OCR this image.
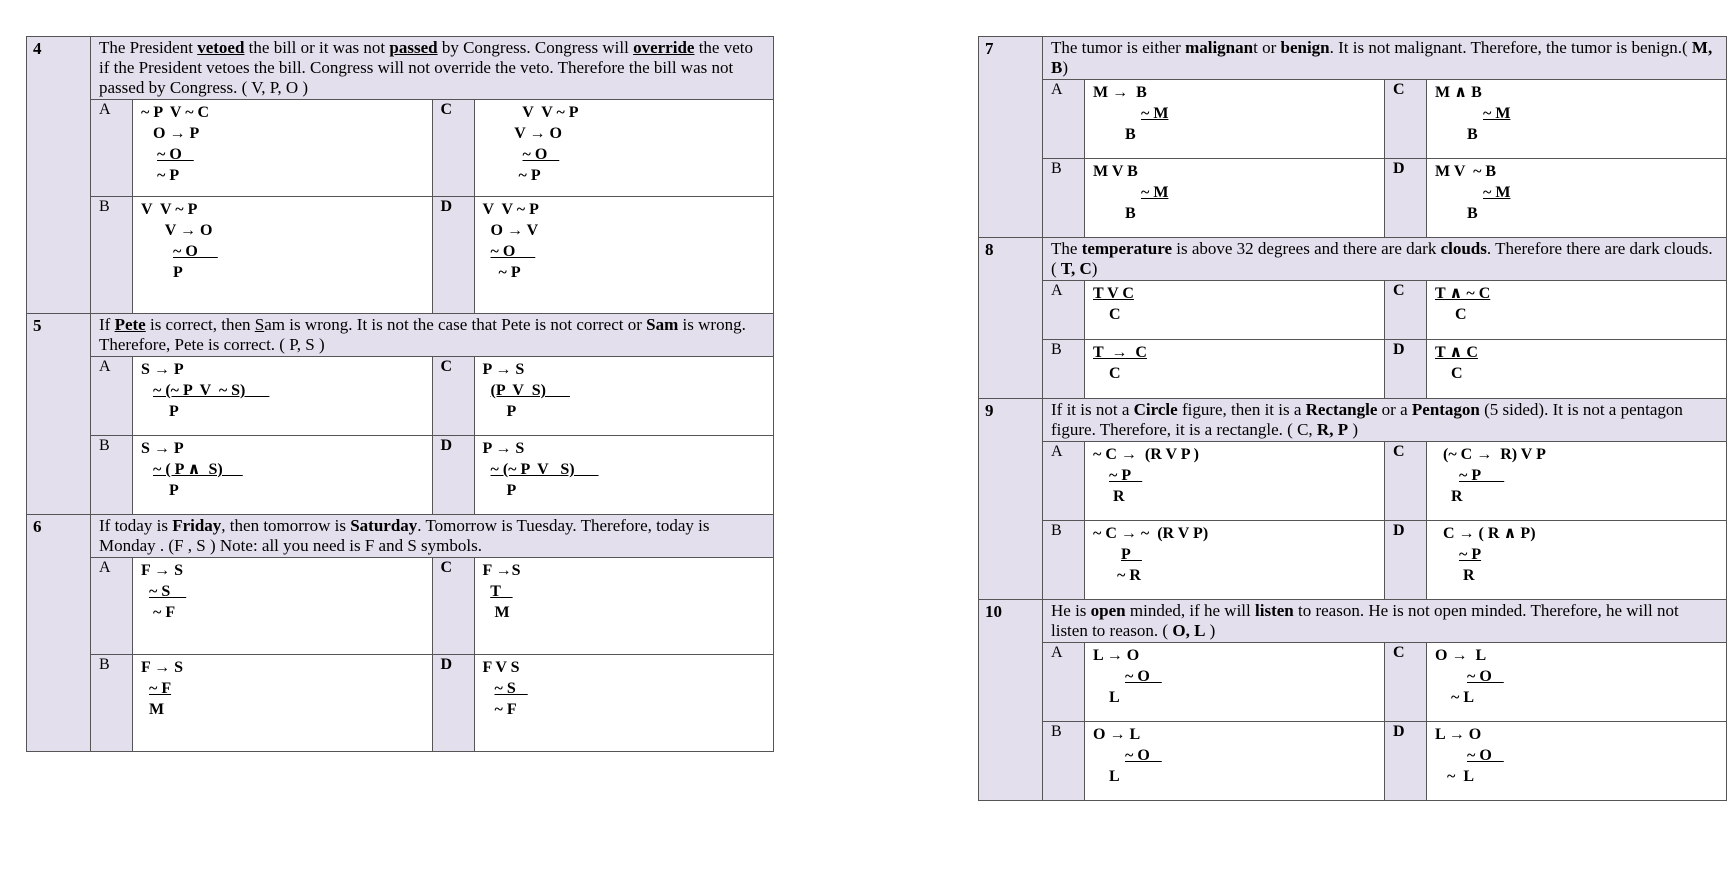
4	The President vetoed the bill or it was not passed by Congress. Congress will override the veto if the President vetoes the bill. Congress will not override the veto. Therefore the bill was not passed by Congress. ( V, P, O )
A	~ P  V ~ C
O → P
~ O
~ P
C	V  V ~ P
V → O
~ O
~ P
B	V  V ~ P
V → O
~ O
P
D	V  V ~ P
O → V
~ O
~ P
5	If Pete is correct, then Sam is wrong. It is not the case that Pete is not correct or Sam is wrong. Therefore, Pete is correct. ( P, S )
A	S → P
~ (~ P  V  ~ S)
P
C	P → S
(P  V  S)
P
B	S → P
~ ( P ∧  S)
P
D	P → S
~ (~ P  V   S)
P
6	If today is Friday, then tomorrow is Saturday. Tomorrow is Tuesday. Therefore, today is Monday . (F , S ) Note: all you need is F and S symbols.
A	F → S
~ S
~ F
C	F →S
T
M
B	F → S
~ F
M
D	F V S
~ S
~ F
7	The tumor is either malignant or benign. It is not malignant. Therefore, the tumor is benign.( M, B)
A	M →  B
~ M
B
C	M ∧ B
~ M
B
B	M V B
~ M
B
D	M V  ~ B
~ M
B
8	The temperature is above 32 degrees and there are dark clouds. Therefore there are dark clouds. ( T, C)
A	T V C
C
C	T ∧ ~ C
C
B	T  →  C
C
D	T ∧ C
C
9	If it is not a Circle figure, then it is a Rectangle or a Pentagon (5 sided). It is not a pentagon figure. Therefore, it is a rectangle. ( C, R, P )
A	~ C →  (R V P )
~ P
R
C	(~ C →  R) V P
~ P
R
B	~ C → ~  (R V P)
P
~ R
D	C → ( R ∧ P)
~ P
R
10	He is open minded, if he will listen to reason. He is not open minded. Therefore, he will not listen to reason. ( O, L )
A	L → O
~ O
L
C	O →  L
~ O
~ L
B	O → L
~ O
L
D	L → O
~ O
~  L
